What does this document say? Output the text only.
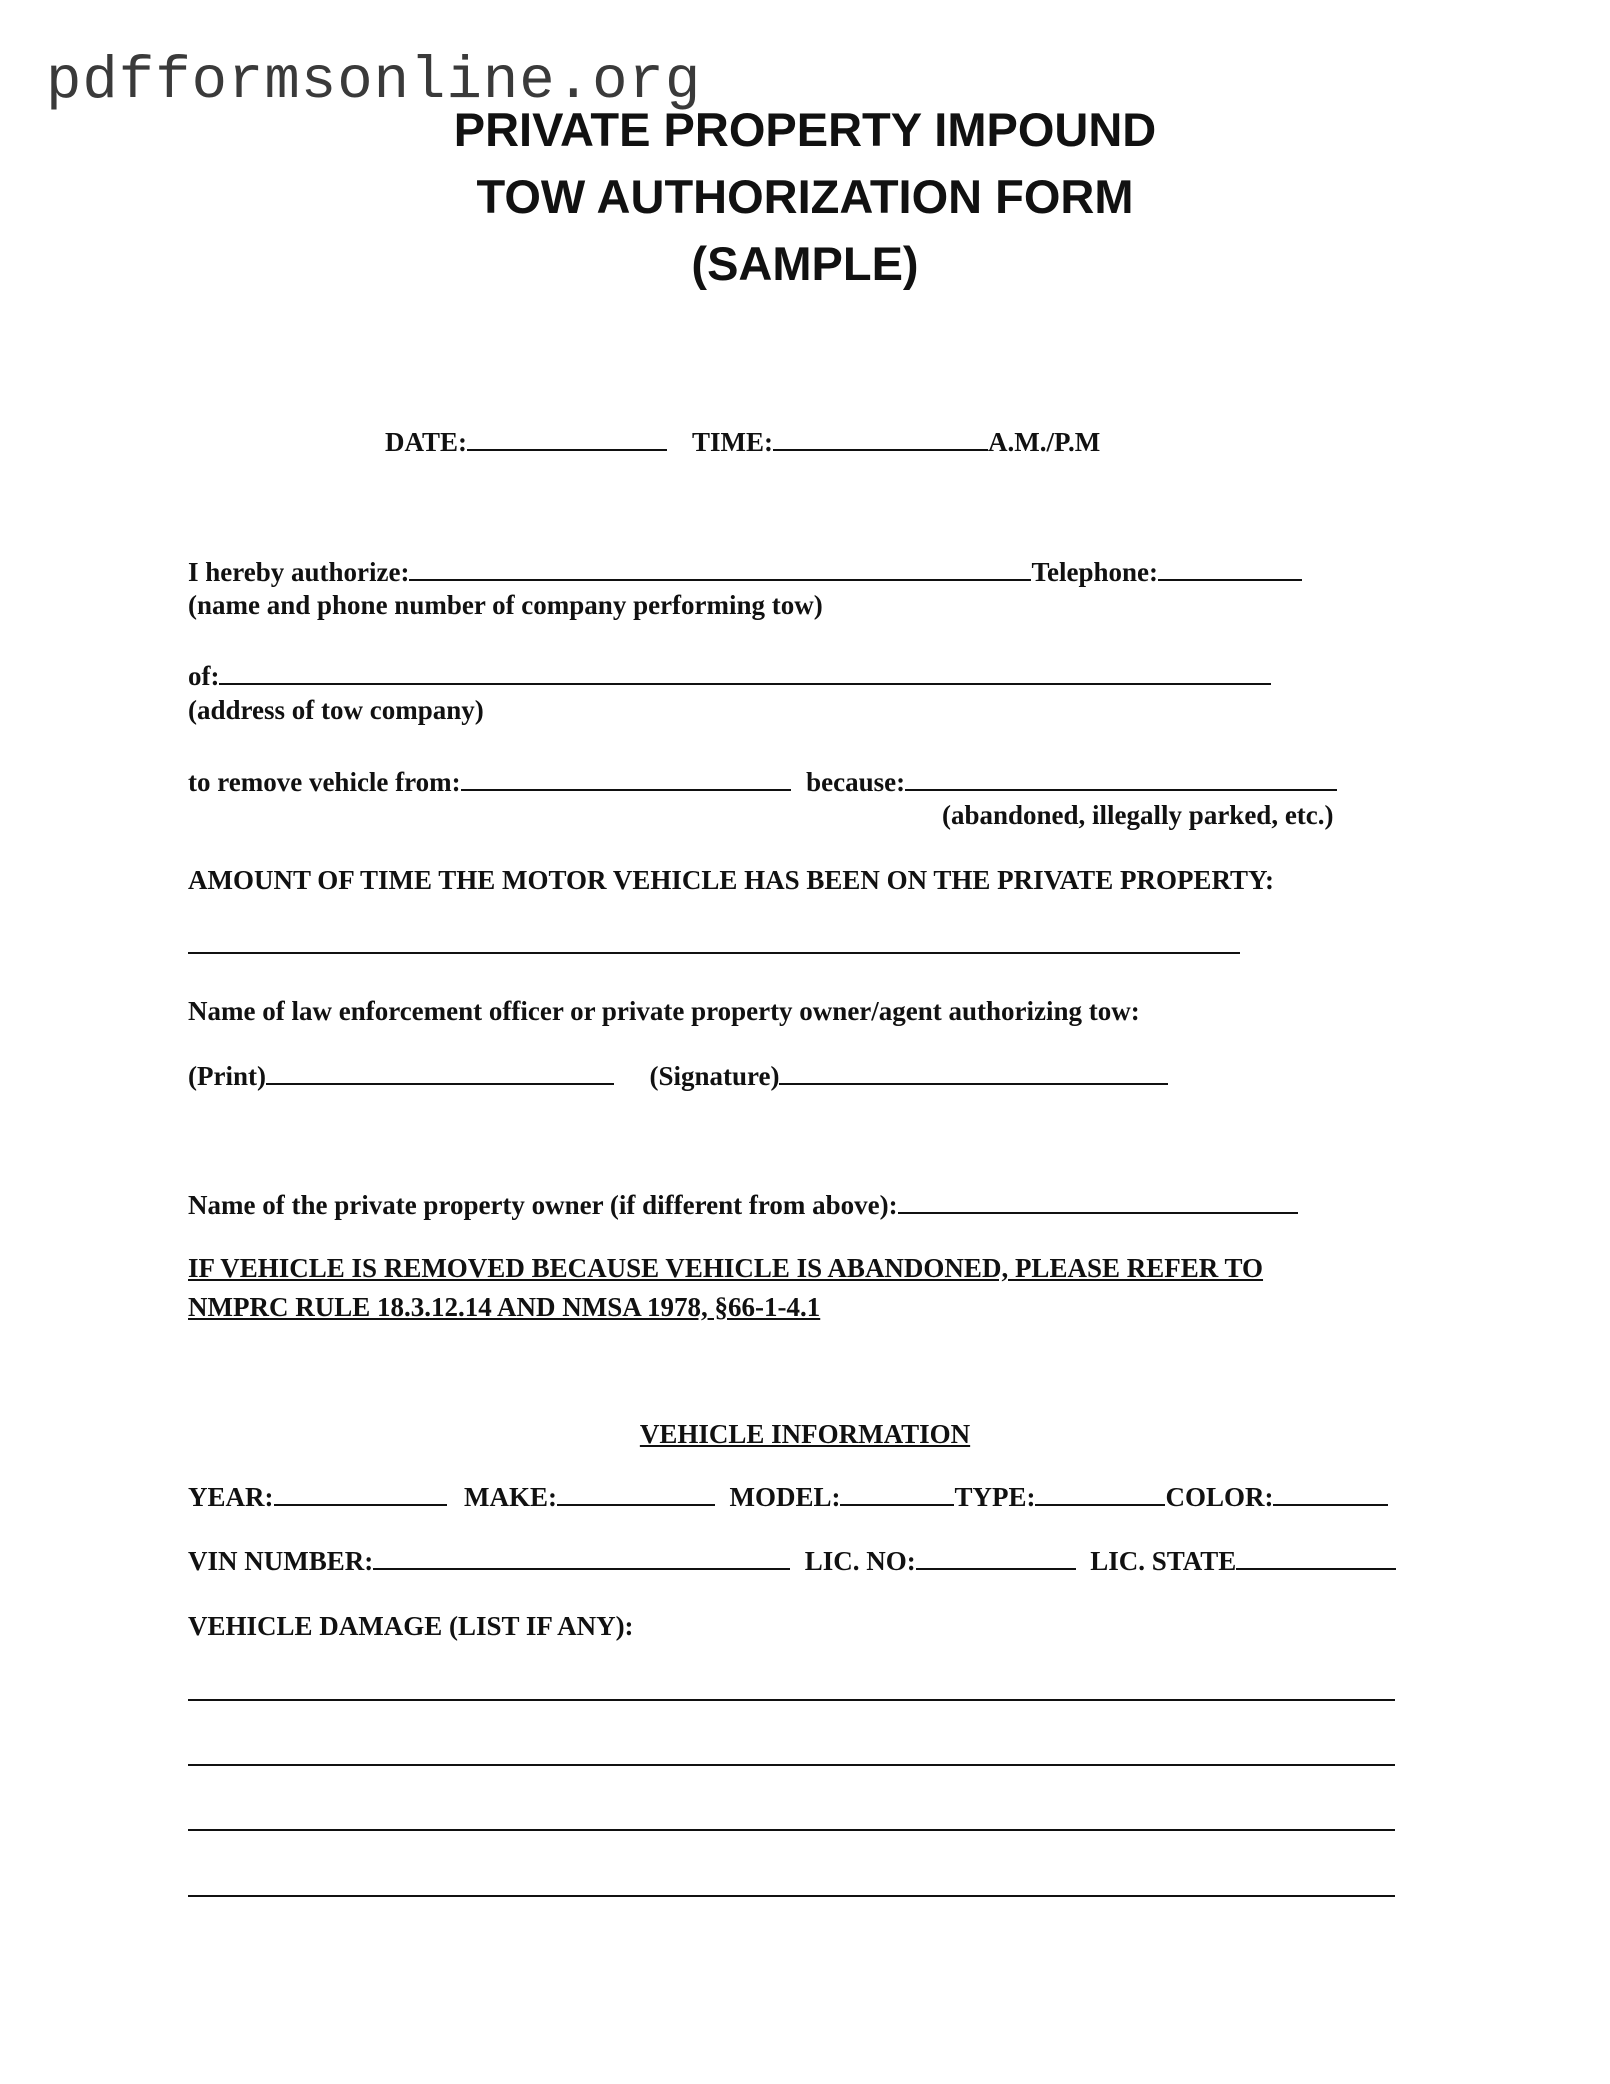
pdfformsonline.org
PRIVATE PROPERTY IMPOUND
TOW AUTHORIZATION FORM
(SAMPLE)
DATE:	TIME:	A.M./P.M
I hereby authorize:	Telephone:
(name and phone number of company performing tow)
of:
(address of tow company)
to remove vehicle from:	because:
(abandoned, illegally parked, etc.)
AMOUNT OF TIME THE MOTOR VEHICLE HAS BEEN ON THE PRIVATE PROPERTY:
Name of law enforcement officer or private property owner/agent authorizing tow:
(Print)	(Signature)
Name of the private property owner (if different from above):
IF VEHICLE IS REMOVED BECAUSE VEHICLE IS ABANDONED, PLEASE REFER TO
NMPRC RULE 18.3.12.14 AND NMSA 1978, §66-1-4.1
VEHICLE INFORMATION
YEAR:	MAKE:	MODEL:	TYPE:	COLOR:
VIN NUMBER:	LIC. NO:	LIC. STATE
VEHICLE DAMAGE (LIST IF ANY):
